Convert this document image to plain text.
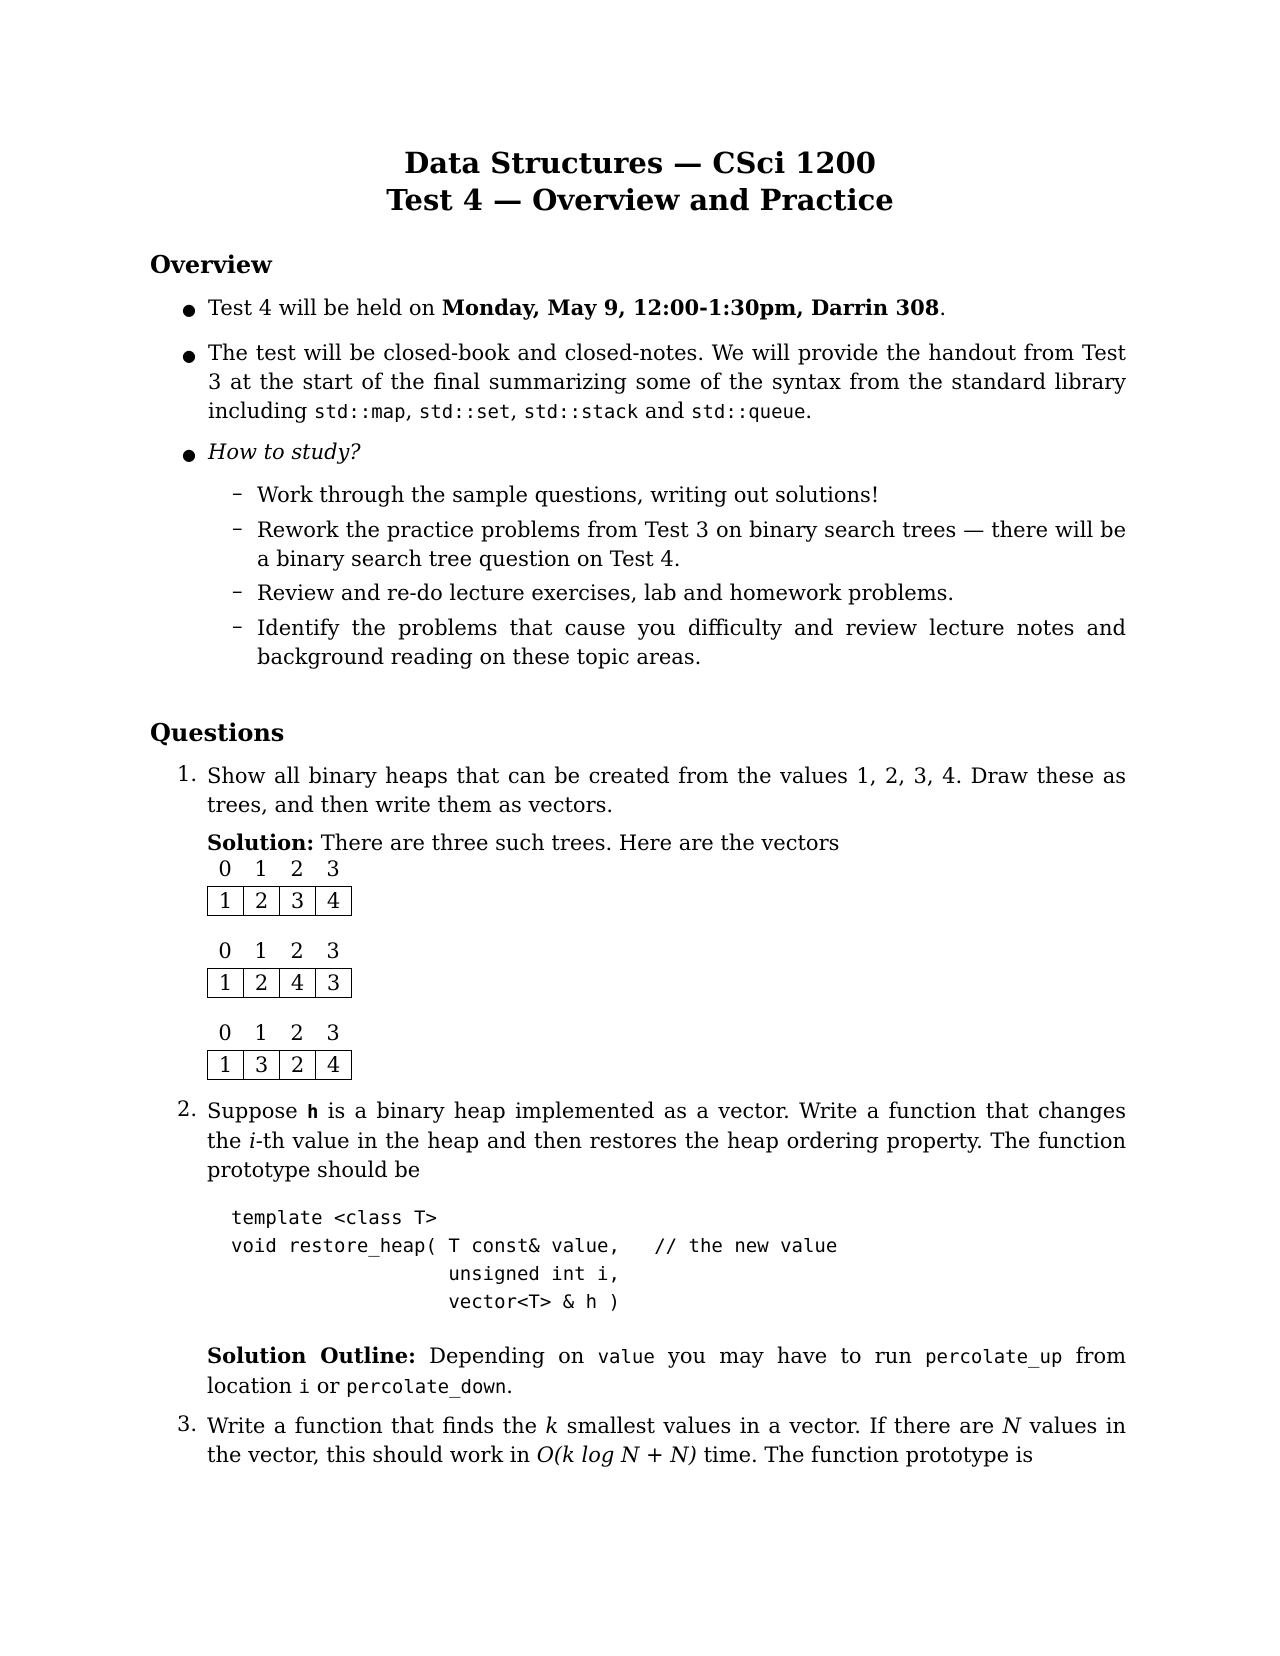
Data Structures — CSci 1200
Test 4 — Overview and Practice
Overview
● Test 4 will be held on Monday, May 9, 12:00-1:30pm, Darrin 308.
● The test will be closed-book and closed-notes. We will provide the handout from Test 3 at the start of the final summarizing some of the syntax from the standard library including std::map, std::set, std::stack and std::queue.
● How to study?
– Work through the sample questions, writing out solutions!
– Rework the practice problems from Test 3 on binary search trees — there will be a binary search tree question on Test 4.
– Review and re-do lecture exercises, lab and homework problems.
– Identify the problems that cause you difficulty and review lecture notes and background reading on these topic areas.
Questions
1. Show all binary heaps that can be created from the values 1, 2, 3, 4. Draw these as trees, and then write them as vectors.
Solution: There are three such trees. Here are the vectors
0	1	2	3
1	2	3	4
0	1	2	3
1	2	4	3
0	1	2	3
1	3	2	4
2. Suppose h is a binary heap implemented as a vector. Write a function that changes the i-th value in the heap and then restores the heap ordering property. The function prototype should be
template <class T>
void restore_heap( T const& value,   // the new value
unsigned int i,
vector<T> & h )
Solution Outline: Depending on value you may have to run percolate_up from location i or percolate_down.
3. Write a function that finds the k smallest values in a vector. If there are N values in the vector, this should work in O(k log N + N) time. The function prototype is
